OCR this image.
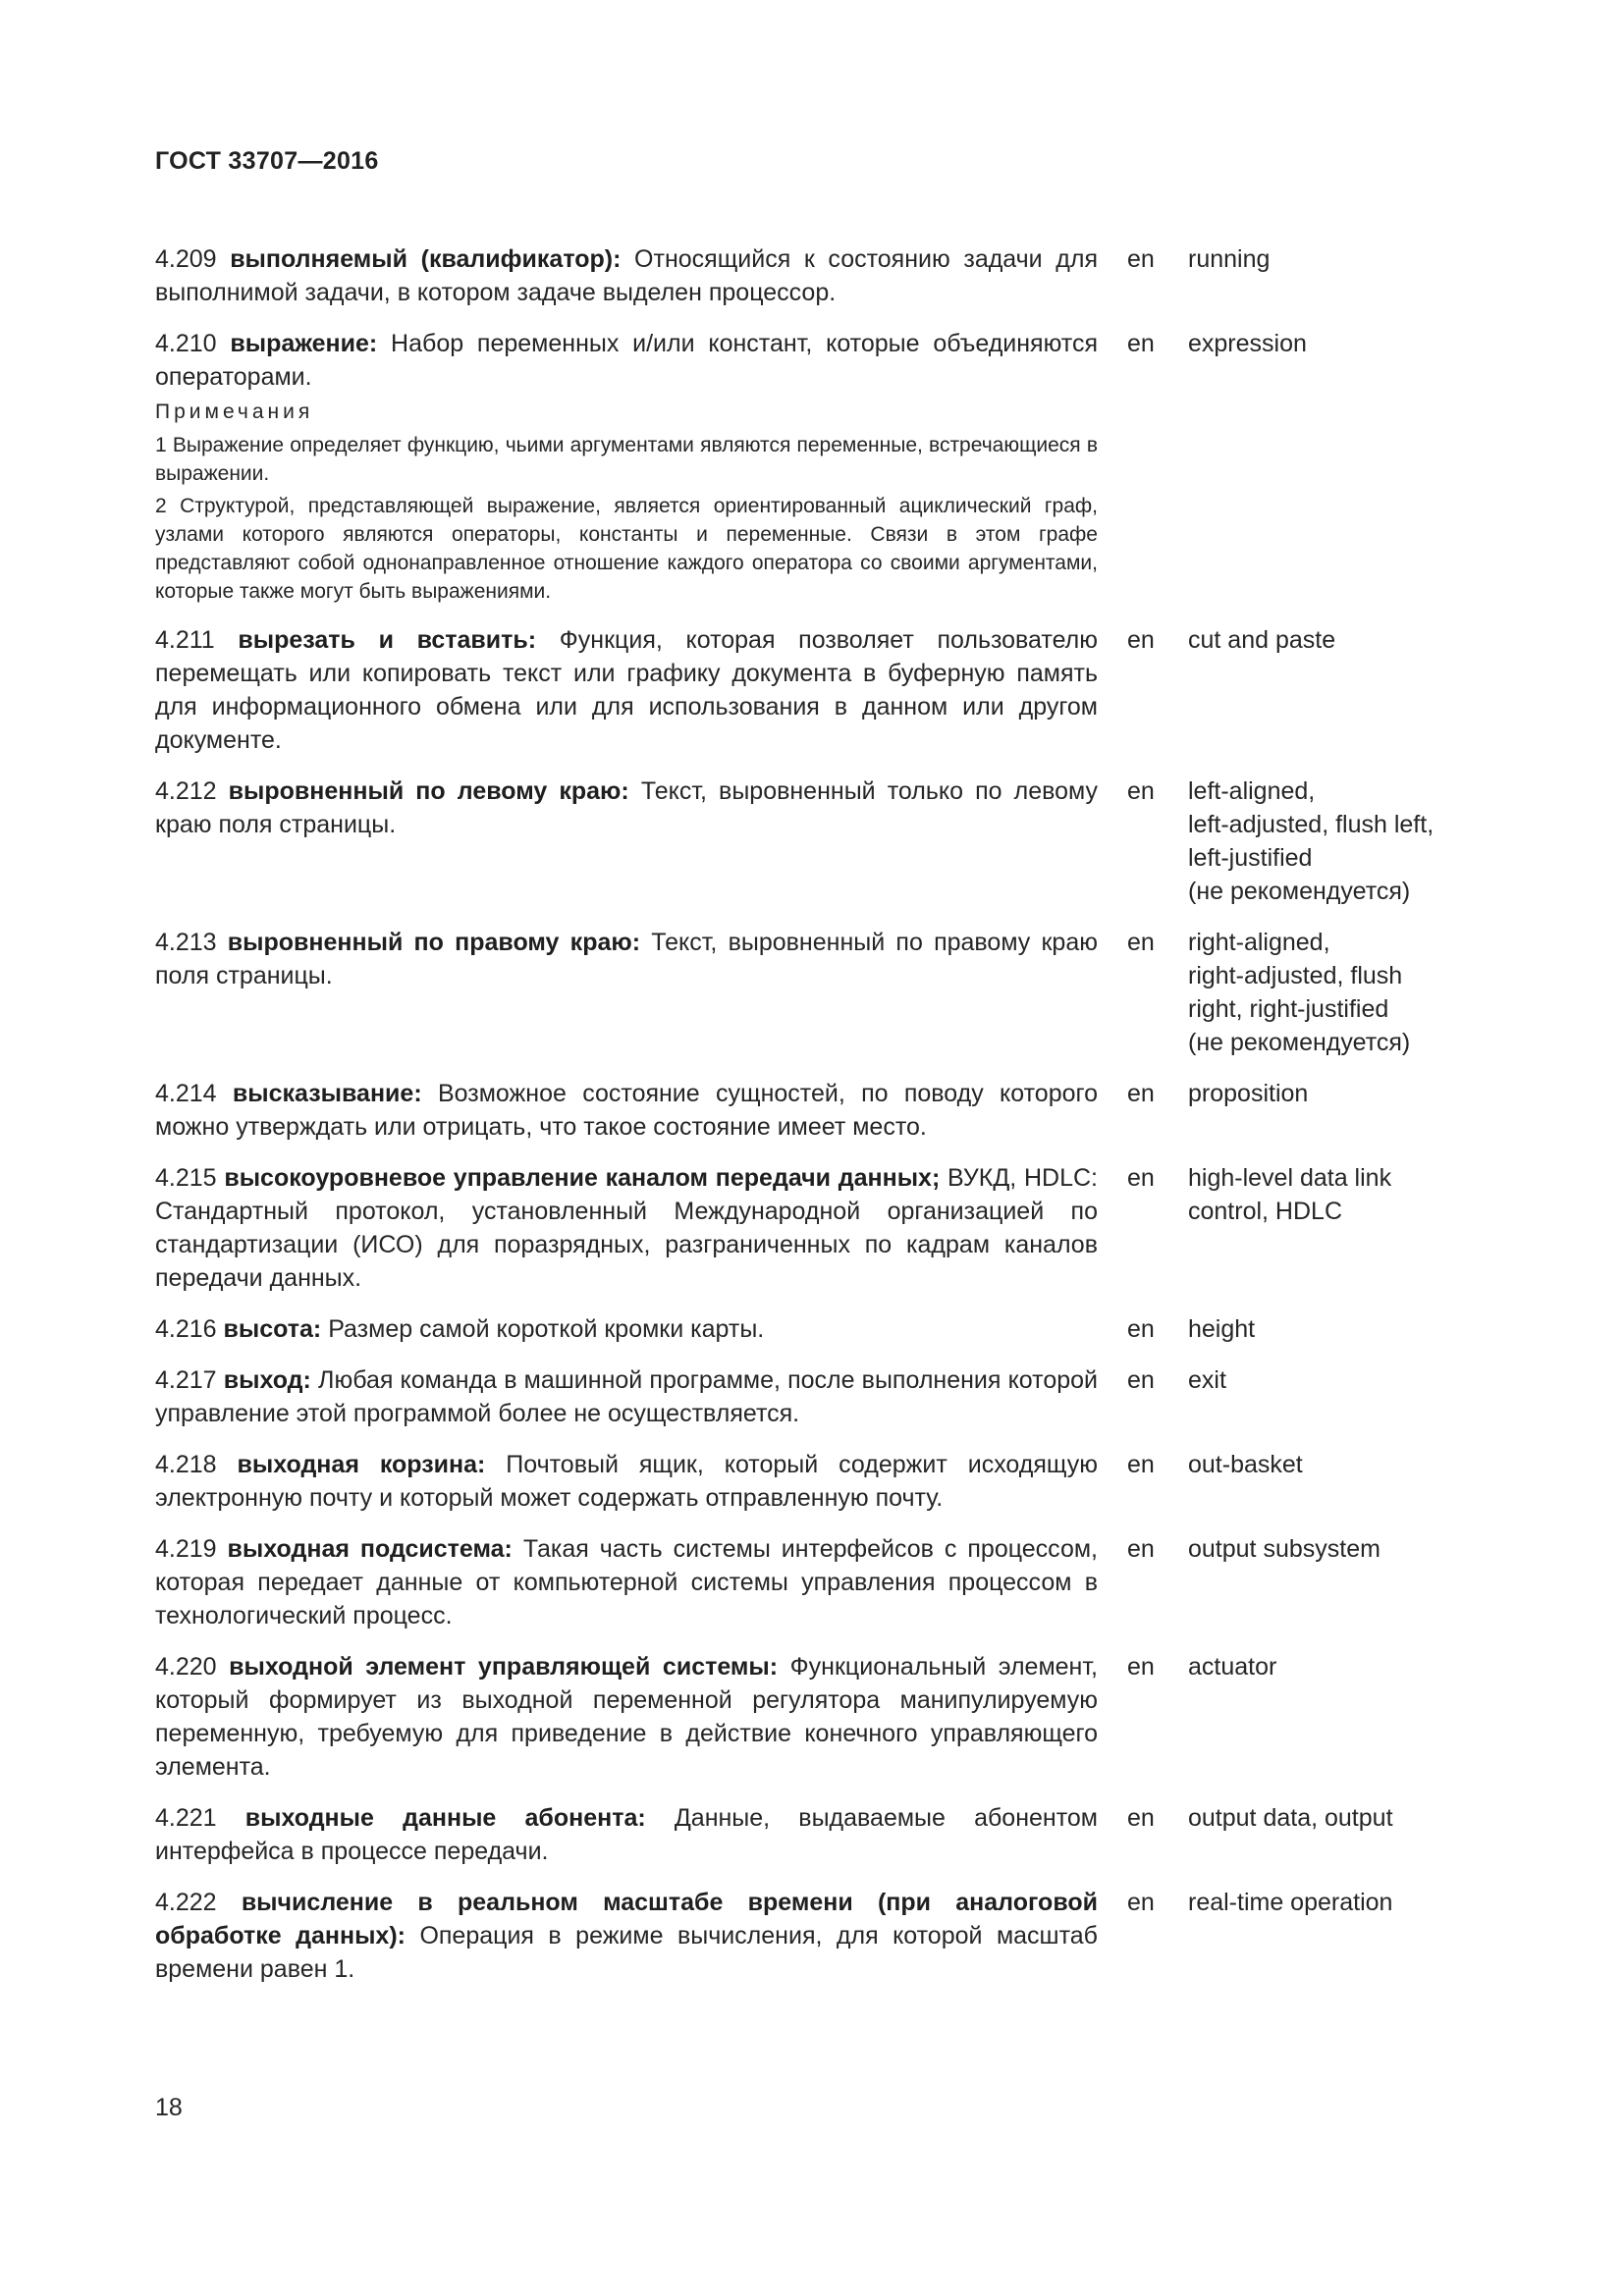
ГОСТ 33707—2016
4.209 выполняемый (квалификатор): Относящийся к состоянию задачи для выполнимой задачи, в котором задаче выделен процессор.
en running
4.210 выражение: Набор переменных и/или констант, которые объединяются операторами.
Примечания
1 Выражение определяет функцию, чьими аргументами являются переменные, встречающиеся в выражении.
2 Структурой, представляющей выражение, является ориентированный ациклический граф, узлами которого являются операторы, константы и переменные. Связи в этом графе представляют собой однонаправленное отношение каждого оператора со своими аргументами, которые также могут быть выражениями.
en expression
4.211 вырезать и вставить: Функция, которая позволяет пользователю перемещать или копировать текст или графику документа в буферную память для информационного обмена или для использования в данном или другом документе.
en cut and paste
4.212 выровненный по левому краю: Текст, выровненный только по левому краю поля страницы.
en left-aligned,
left-adjusted, flush left,
left-justified
(не рекомендуется)
4.213 выровненный по правому краю: Текст, выровненный по правому краю поля страницы.
en right-aligned,
right-adjusted, flush
right, right-justified
(не рекомендуется)
4.214 высказывание: Возможное состояние сущностей, по поводу которого можно утверждать или отрицать, что такое состояние имеет место.
en proposition
4.215 высокоуровневое управление каналом передачи данных; ВУКД, HDLC: Стандартный протокол, установленный Международной организацией по стандартизации (ИСО) для поразрядных, разграниченных по кадрам каналов передачи данных.
en high-level data link
control, HDLC
4.216 высота: Размер самой короткой кромки карты.	en height
4.217 выход: Любая команда в машинной программе, после выполнения которой управление этой программой более не осуществляется.
en exit
4.218 выходная корзина: Почтовый ящик, который содержит исходящую электронную почту и который может содержать отправленную почту.
en out-basket
4.219 выходная подсистема: Такая часть системы интерфейсов с процессом, которая передает данные от компьютерной системы управления процессом в технологический процесс.
en output subsystem
4.220 выходной элемент управляющей системы: Функциональный элемент, который формирует из выходной переменной регулятора манипулируемую переменную, требуемую для приведение в действие конечного управляющего элемента.
en actuator
4.221 выходные данные абонента: Данные, выдаваемые абонентом интерфейса в процессе передачи.
en output data, output
4.222 вычисление в реальном масштабе времени (при аналоговой обработке данных): Операция в режиме вычисления, для которой масштаб времени равен 1.
en real-time operation
18
